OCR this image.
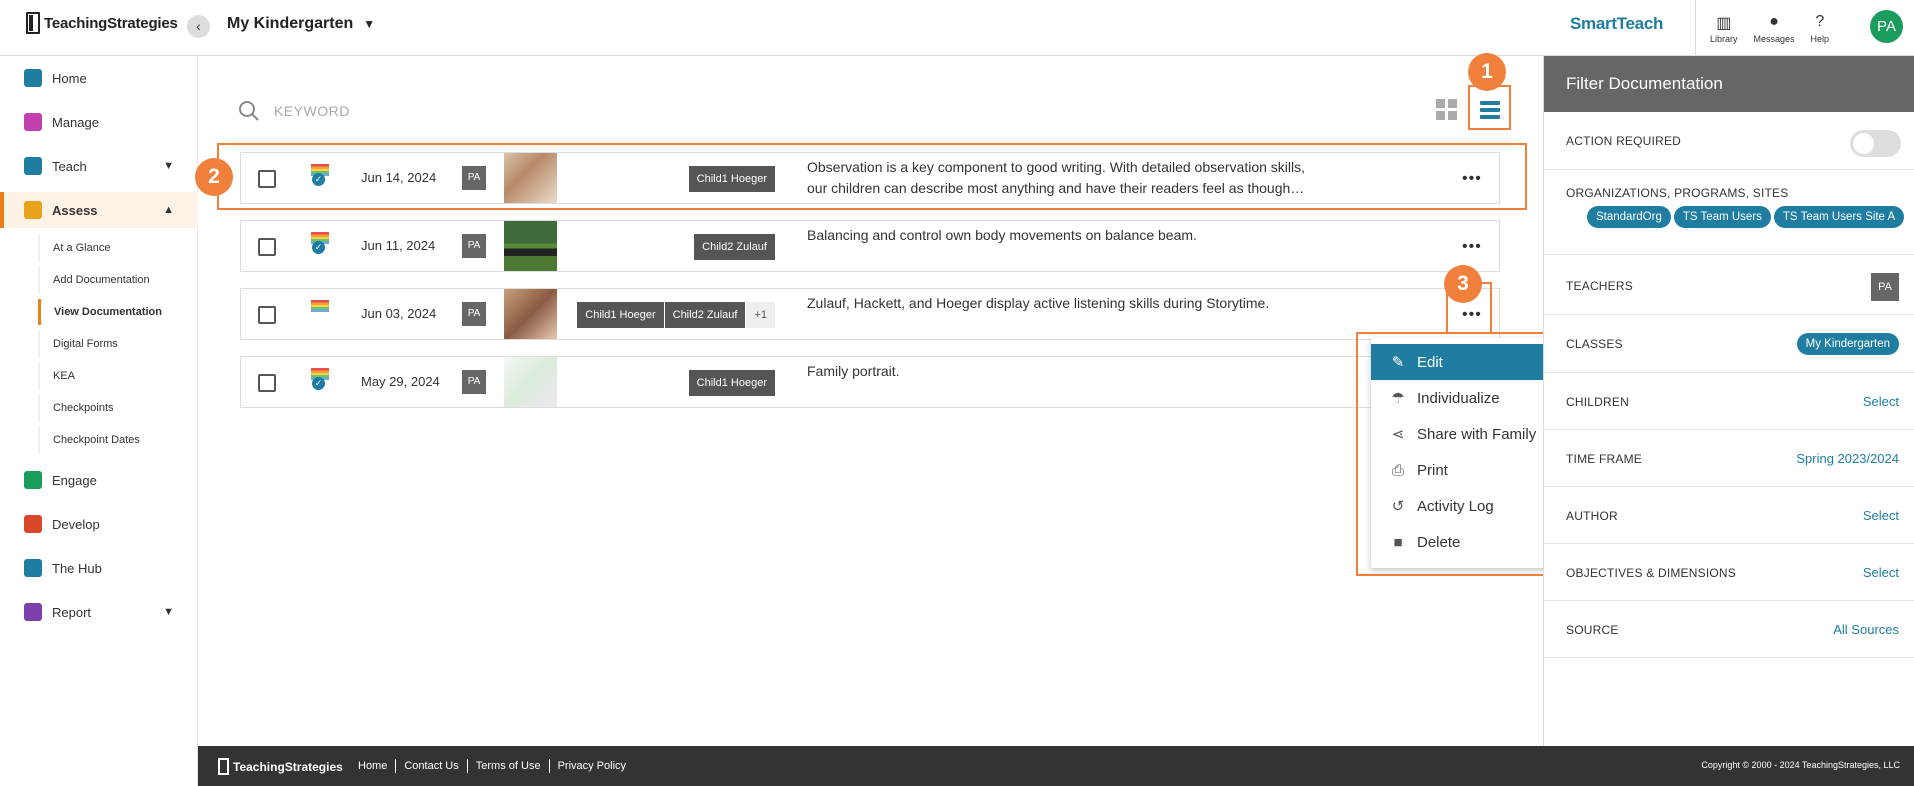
TeachingStrategies	‹	My Kindergarten ▼	SmartTeach	▥
Library
●
Messages
?
Help
PA
Home
Manage
Teach	▼
Assess	▲
Engage
Develop
The Hub
Report	▼
At a Glance
Add Documentation
View Documentation
Digital Forms
KEA
Checkpoints
Checkpoint Dates
KEYWORD
✓	Jun 14, 2024	PA	Child1 Hoeger
Observation is a key component to good writing. With detailed observation skills,
our children can describe most anything and have their readers feel as though…
•••
✓	Jun 11, 2024	PA	Child2 Zulauf
Balancing and control own body movements on balance beam.
•••
Jun 03, 2024	PA	Child1 Hoeger	Child2 Zulauf	+1
Zulauf, Hackett, and Hoeger display active listening skills during Storytime.
•••
✓	May 29, 2024	PA	Child1 Hoeger
Family portrait.	✎ Edit
☂ Individualize
⋖ Share with Family
⎙ Print
↺ Activity Log
■ Delete
1
2
3
Filter Documentation
ACTION REQUIRED
ORGANIZATIONS, PROGRAMS, SITES
StandardOrg TS Team Users TS Team Users Site A
TEACHERS	PA
CLASSES	My Kindergarten
CHILDREN	Select
TIME FRAME	Spring 2023/2024
AUTHOR	Select
OBJECTIVES & DIMENSIONS	Select
SOURCE	All Sources
TeachingStrategies	Home	Contact Us	Terms of Use	Privacy Policy	Copyright © 2000 - 2024 TeachingStrategies, LLC
